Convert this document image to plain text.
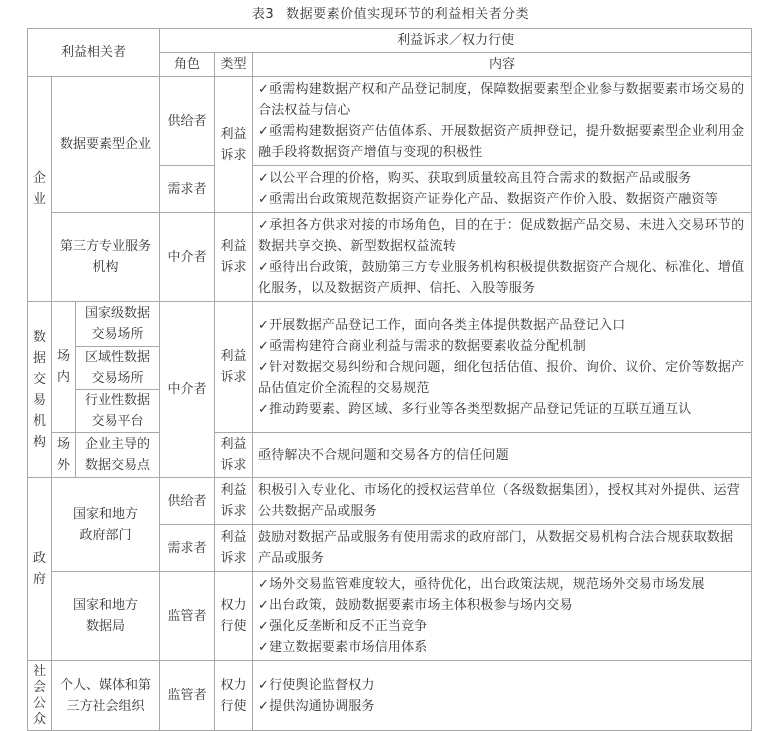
表3 数据要素价值实现环节的利益相关者分类
利益相关者			利益诉求／权力行使		
			角色	类型	内容
企业	数据要素型企业		供给者	利益诉求	✓亟需构建数据产权和产品登记制度，保障数据要素型企业参与数据要素市场交易的合法权益与信心
✓亟需构建数据资产估值体系、开展数据资产质押登记，提升数据要素型企业利用金融手段将数据资产增值与变现的积极性

			需求者		✓以公平合理的价格，购买、获取到质量较高且符合需求的数据产品或服务
✓亟需出台政策规范数据资产证券化产品、数据资产作价入股、数据资产融资等

	第三方专业服务机构		中介者	利益诉求	✓承担各方供求对接的市场角色，目的在于：促成数据产品交易、未进入交易环节的数据共享交换、新型数据权益流转
✓亟待出台政策，鼓励第三方专业服务机构积极提供数据资产合规化、标准化、增值化服务，以及数据资产质押、信托、入股等服务

数据交易机构	场内	国家级数据交易场所	中介者	利益诉求	✓开展数据产品登记工作，面向各类主体提供数据产品登记入口
✓亟需构建符合商业利益与需求的数据要素收益分配机制
✓针对数据交易纠纷和合规问题，细化包括估值、报价、询价、议价、定价等数据产品估值定价全流程的交易规范
✓推动跨要素、跨区域、多行业等各类型数据产品登记凭证的互联互通互认

		区域性数据交易场所			
		行业性数据交易平台			
	场外	企业主导的数据交易点		利益诉求	亟待解决不合规问题和交易各方的信任问题

政府	国家和地方政府部门		供给者	利益诉求	积极引入专业化、市场化的授权运营单位（各级数据集团），授权其对外提供、运营公共数据产品或服务

			需求者	利益诉求	鼓励对数据产品或服务有使用需求的政府部门，从数据交易机构合法合规获取数据产品或服务

	国家和地方数据局		监管者	权力行使	✓场外交易监管难度较大，亟待优化，出台政策法规，规范场外交易市场发展
✓出台政策，鼓励数据要素市场主体积极参与场内交易
✓强化反垄断和反不正当竞争
✓建立数据要素市场信用体系

社会公众	个人、媒体和第三方社会组织		监管者	权力行使	✓行使舆论监督权力
✓提供沟通协调服务
